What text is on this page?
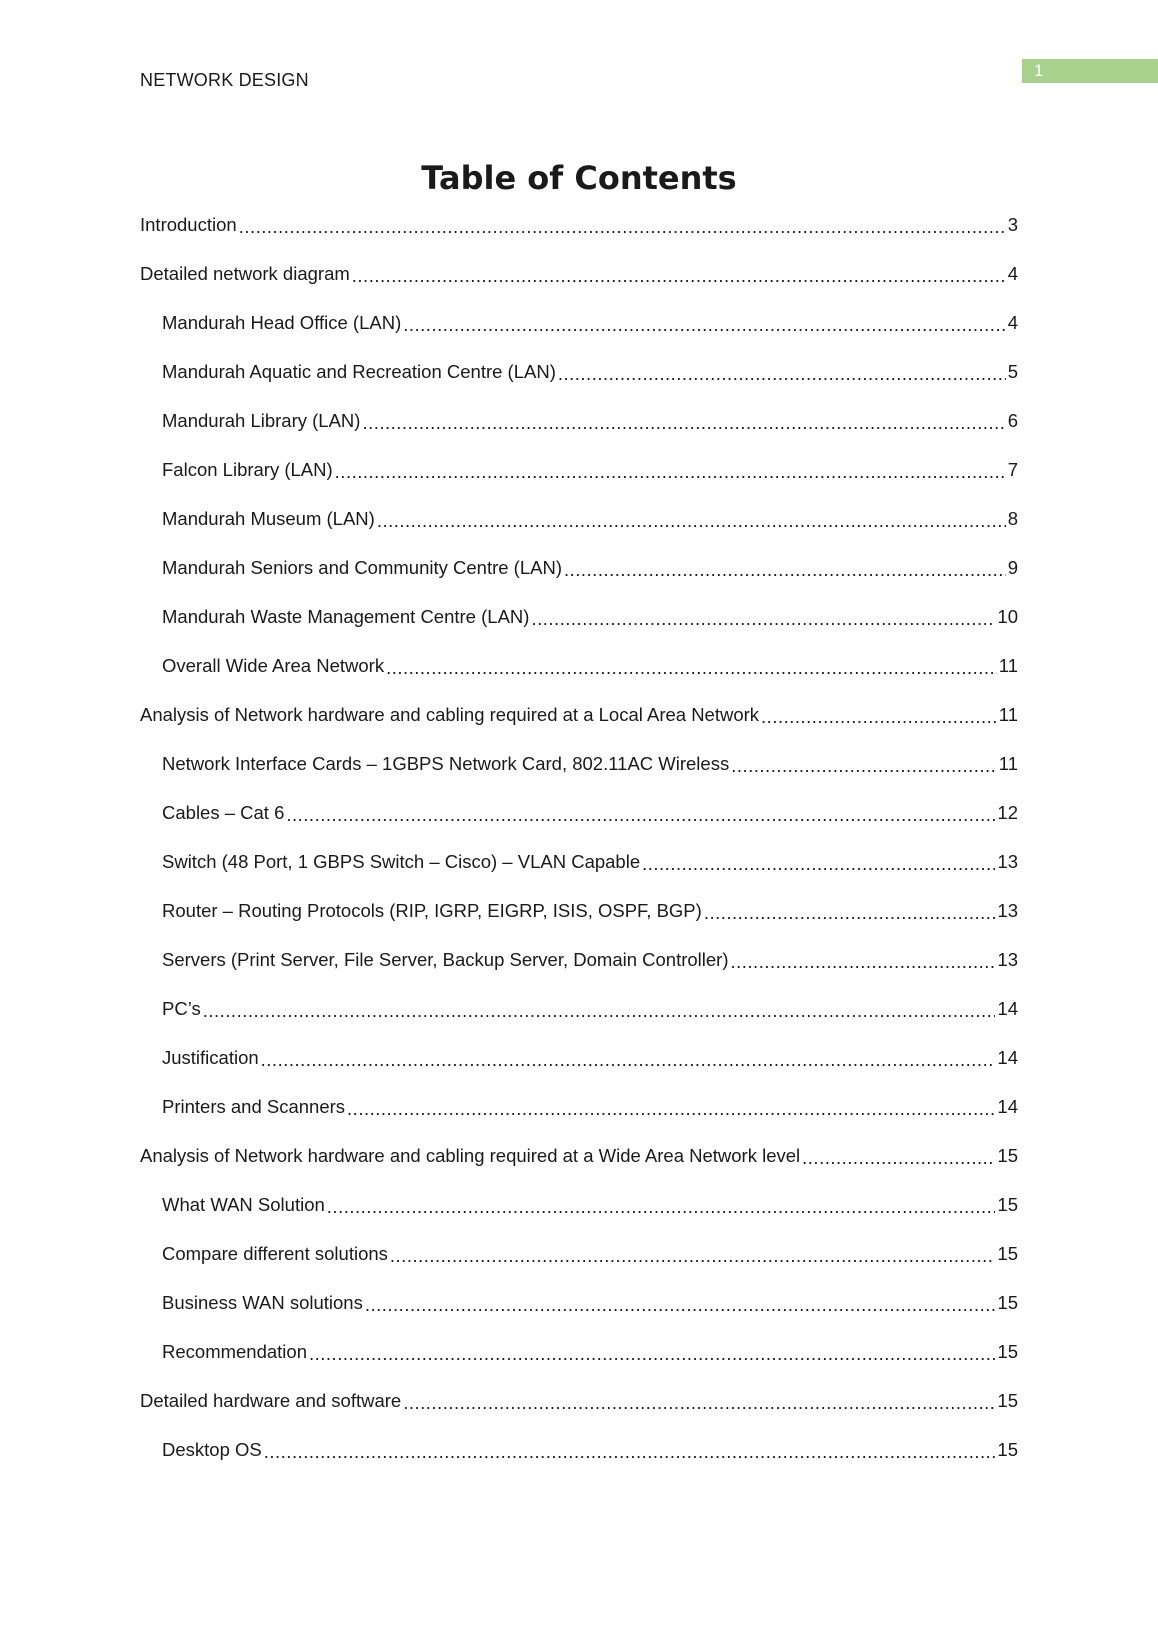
NETWORK DESIGN	1
Table of Contents
Introduction .....	3
Detailed network diagram .....	4
Mandurah Head Office (LAN) .....	4
Mandurah Aquatic and Recreation Centre (LAN) .....	5
Mandurah Library (LAN) .....	6
Falcon Library (LAN) .....	7
Mandurah Museum (LAN) .....	8
Mandurah Seniors and Community Centre (LAN) .....	9
Mandurah Waste Management Centre (LAN) .....	10
Overall Wide Area Network .....	11
Analysis of Network hardware and cabling required at a Local Area Network .....	11
Network Interface Cards – 1GBPS Network Card, 802.11AC Wireless .....	11
Cables – Cat 6 .....	12
Switch (48 Port, 1 GBPS Switch – Cisco) – VLAN Capable .....	13
Router – Routing Protocols (RIP, IGRP, EIGRP, ISIS, OSPF, BGP) .....	13
Servers (Print Server, File Server, Backup Server, Domain Controller) .....	13
PC’s .....	14
Justification .....	14
Printers and Scanners .....	14
Analysis of Network hardware and cabling required at a Wide Area Network level .....	15
What WAN Solution .....	15
Compare different solutions .....	15
Business WAN solutions .....	15
Recommendation .....	15
Detailed hardware and software .....	15
Desktop OS .....	15
